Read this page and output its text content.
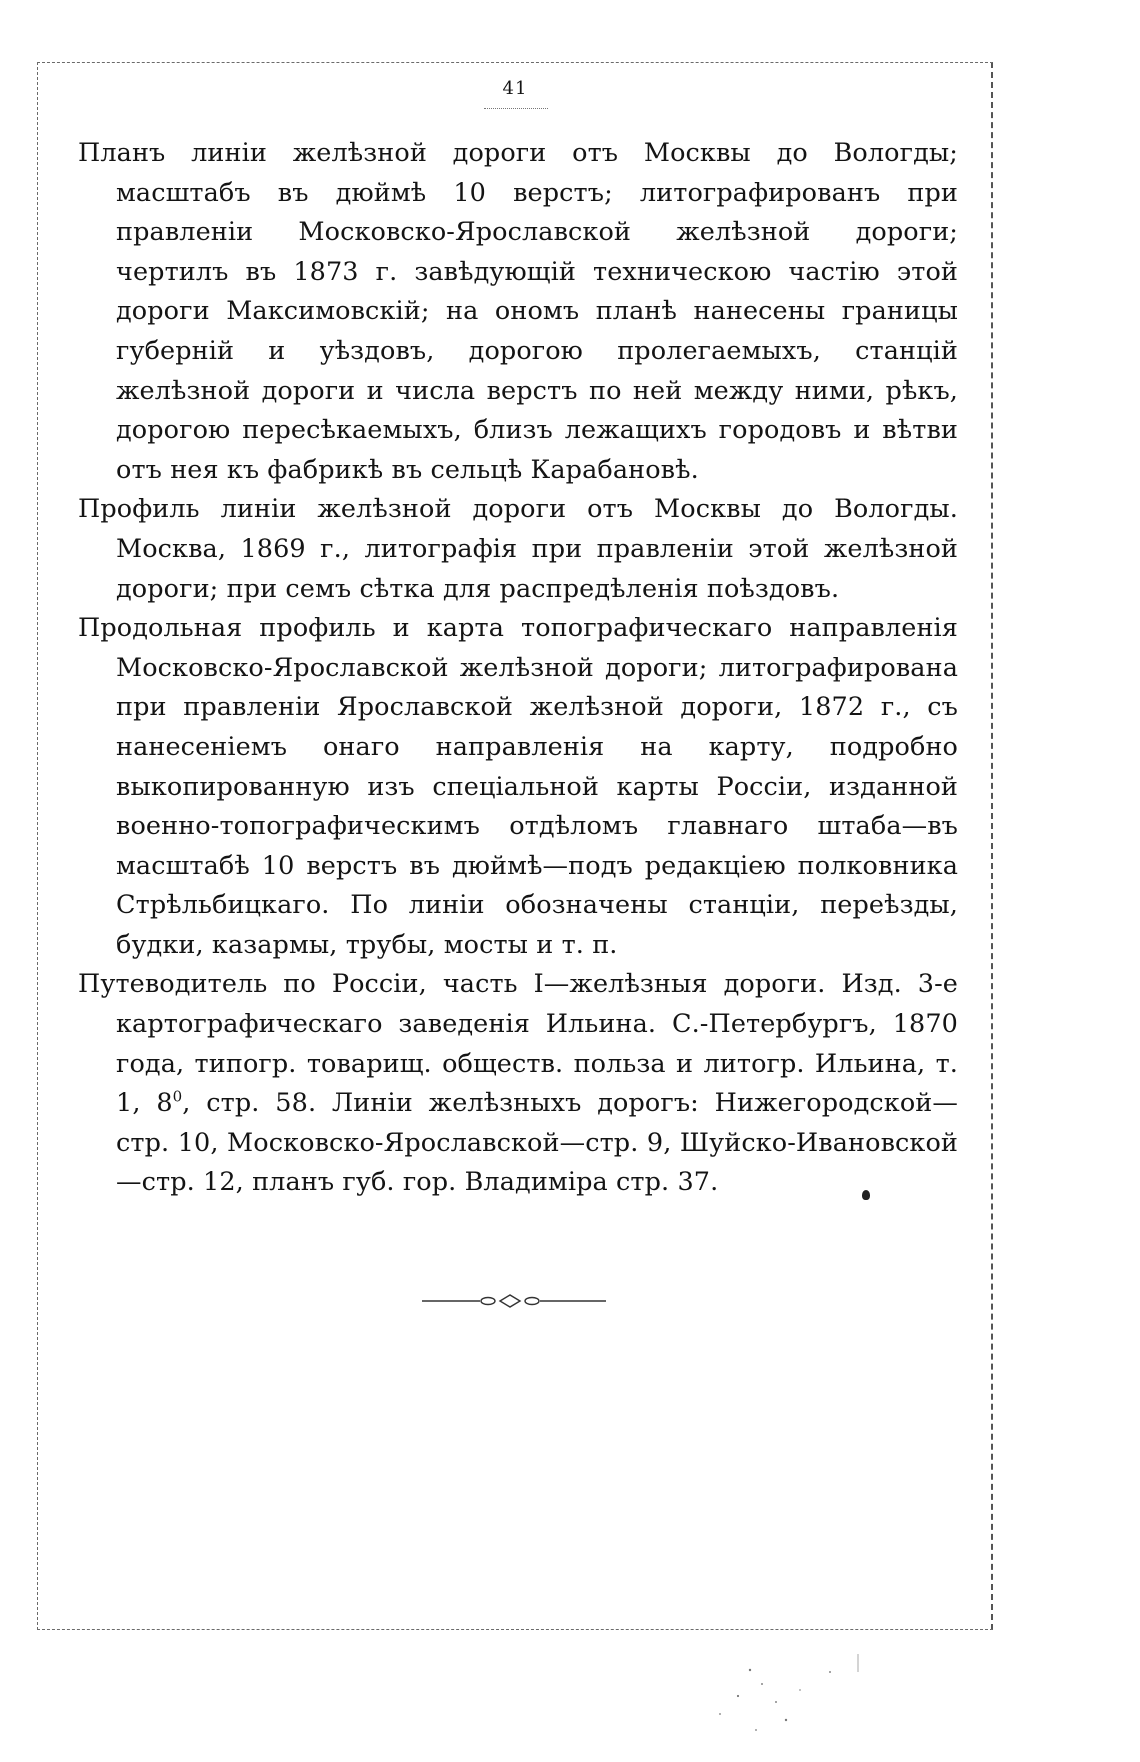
41

Планъ линіи желѣзной дороги отъ Москвы до Вологды; масштабъ въ дюймѣ 10 верстъ; литографированъ при правленіи Московско-Ярославской желѣзной дороги; чертилъ въ 1873 г. завѣдующій техническою частію этой дороги Максимовскій; на ономъ планѣ нанесены границы губерній и уѣздовъ, дорогою пролегаемыхъ, станцій желѣзной дороги и числа верстъ по ней между ними, рѣкъ, дорогою пересѣкаемыхъ, близъ лежащихъ городовъ и вѣтви отъ нея къ фабрикѣ въ сельцѣ Карабановѣ.

Профиль линіи желѣзной дороги отъ Москвы до Вологды. Москва, 1869 г., литографія при правленіи этой желѣзной дороги; при семъ сѣтка для распредѣленія поѣздовъ.

Продольная профиль и карта топографическаго направленія Московско-Ярославской желѣзной дороги; литографирована при правленіи Ярославской желѣзной дороги, 1872 г., съ нанесеніемъ онаго направленія на карту, подробно выкопированную изъ спеціальной карты Россіи, изданной военно-топографическимъ отдѣломъ главнаго штаба—въ масштабѣ 10 верстъ въ дюймѣ—подъ редакціею полковника Стрѣльбицкаго. По линіи обозначены станціи, переѣзды, будки, казармы, трубы, мосты и т. п.

Путеводитель по Россіи, часть I—желѣзныя дороги. Изд. 3-е картографическаго заведенія Ильина. С.-Петербургъ, 1870 года, типогр. товарищ. обществ. польза и литогр. Ильина, т. 1, $8^0$, стр. 58. Линіи желѣзныхъ дорогъ: Нижегородской—стр. 10, Московско-Ярославской—стр. 9, Шуйско-Ивановской—стр. 12, планъ губ. гор. Владиміра стр. 37.
